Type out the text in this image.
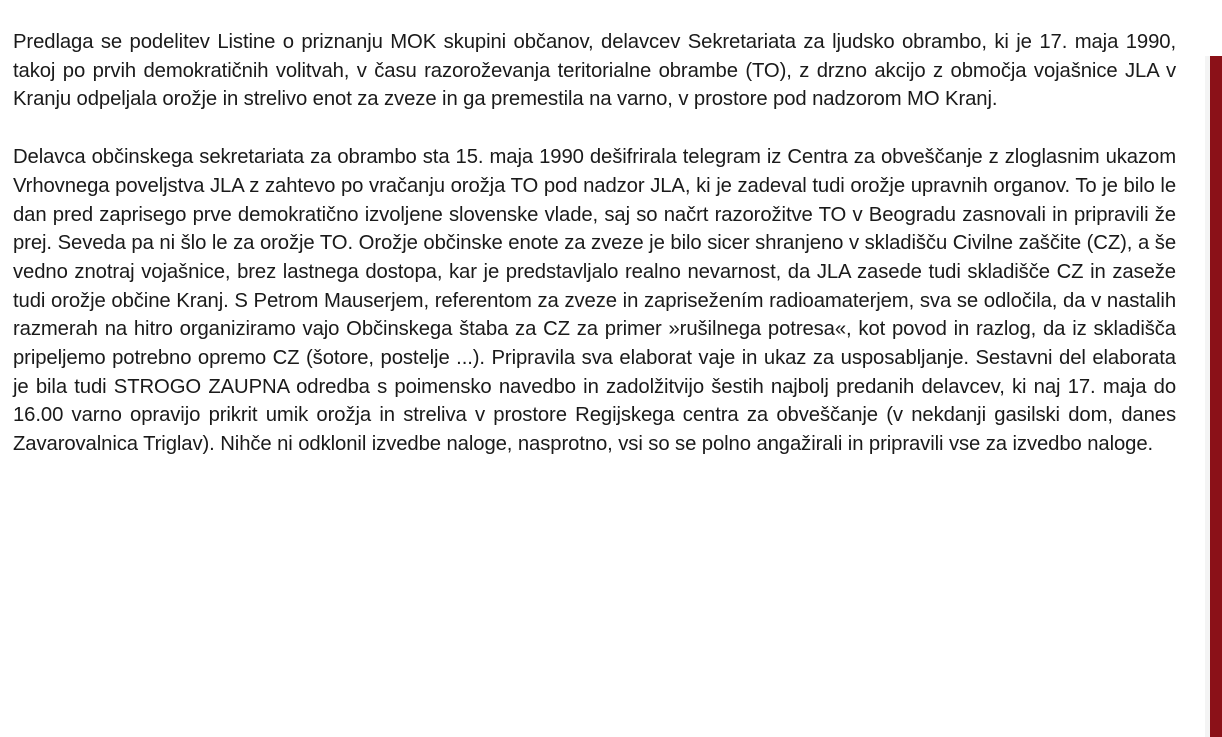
Predlaga se podelitev Listine o priznanju MOK skupini občanov, delavcev Sekretariata za ljudsko obrambo, ki je 17. maja 1990, takoj po prvih demokratičnih volitvah, v času razoroževanja teritorialne obrambe (TO), z drzno akcijo z območja vojašnice JLA v Kranju odpeljala orožje in strelivo enot za zveze in ga premestila na varno, v prostore pod nadzorom MO Kranj.

Delavca občinskega sekretariata za obrambo sta 15. maja 1990 dešifrirala telegram iz Centra za obveščanje z zloglasnim ukazom Vrhovnega poveljstva JLA z zahtevo po vračanju orožja TO pod nadzor JLA, ki je zadeval tudi orožje upravnih organov. To je bilo le dan pred zaprisego prve demokratično izvoljene slovenske vlade, saj so načrt razorožitve TO v Beogradu zasnovali in pripravili že prej. Seveda pa ni šlo le za orožje TO. Orožje občinske enote za zveze je bilo sicer shranjeno v skladišču Civilne zaščite (CZ), a še vedno znotraj vojašnice, brez lastnega dostopa, kar je predstavljalo realno nevarnost, da JLA zasede tudi skladišče CZ in zaseže tudi orožje občine Kranj. S Petrom Mauserjem, referentom za zveze in zaprisežením radioamaterjem, sva se odločila, da v nastalih razmerah na hitro organiziramo vajo Občinskega štaba za CZ za primer »rušilnega potresa«, kot povod in razlog, da iz skladišča pripeljemo potrebno opremo CZ (šotore, postelje ...). Pripravila sva elaborat vaje in ukaz za usposabljanje. Sestavni del elaborata je bila tudi STROGO ZAUPNA odredba s poimensko navedbo in zadolžitvijo šestih najbolj predanih delavcev, ki naj 17. maja do 16.00 varno opravijo prikrit umik orožja in streliva v prostore Regijskega centra za obveščanje (v nekdanji gasilski dom, danes Zavarovalnica Triglav). Nihče ni odklonil izvedbe naloge, nasprotno, vsi so se polno angažirali in pripravili vse za izvedbo naloge.
